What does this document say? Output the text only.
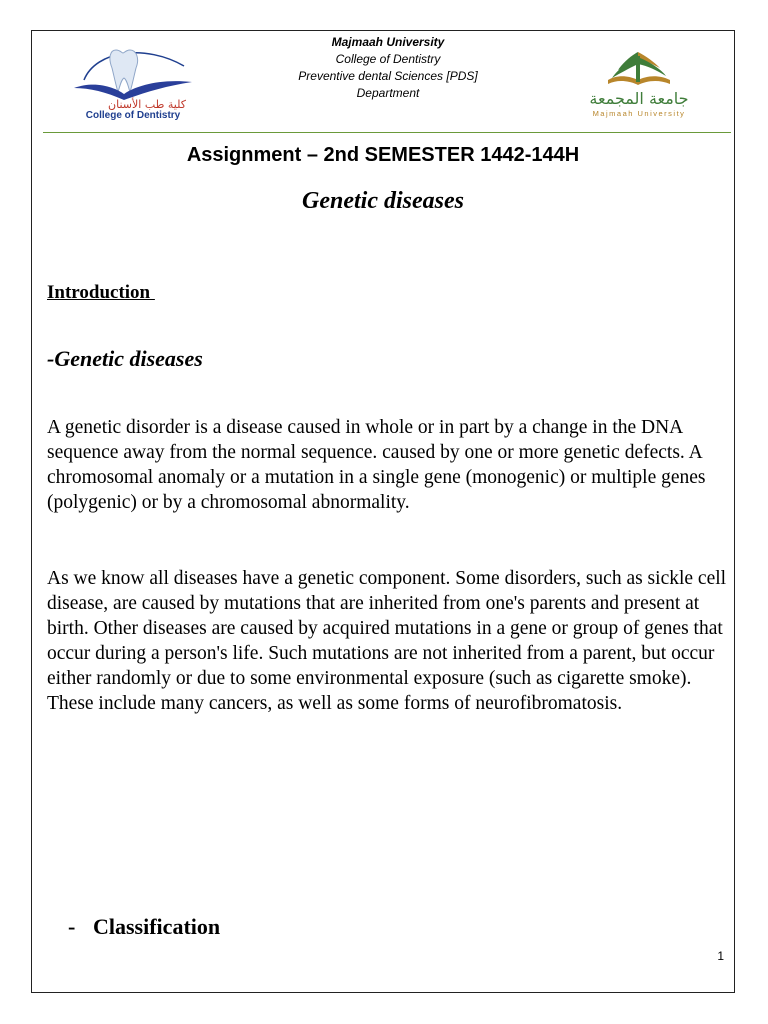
كلية طب الأسنان
College of Dentistry
Majmaah University
College of Dentistry
Preventive dental Sciences [PDS]
Department	جامعة المجمعة
Majmaah University
Assignment – 2nd SEMESTER 1442-144H
Genetic diseases
Introduction
-Genetic diseases
A genetic disorder is a disease caused in whole or in part by a change in the DNA sequence away from the normal sequence. caused by one or more genetic defects. A chromosomal anomaly or a mutation in a single gene (monogenic) or multiple genes (polygenic) or by a chromosomal abnormality.
As we know all diseases have a genetic component. Some disorders, such as sickle cell disease, are caused by mutations that are inherited from one's parents and present at birth. Other diseases are caused by acquired mutations in a gene or group of genes that occur during a person's life. Such mutations are not inherited from a parent, but occur either randomly or due to some environmental exposure (such as cigarette smoke). These include many cancers, as well as some forms of neurofibromatosis.
- Classification
1
